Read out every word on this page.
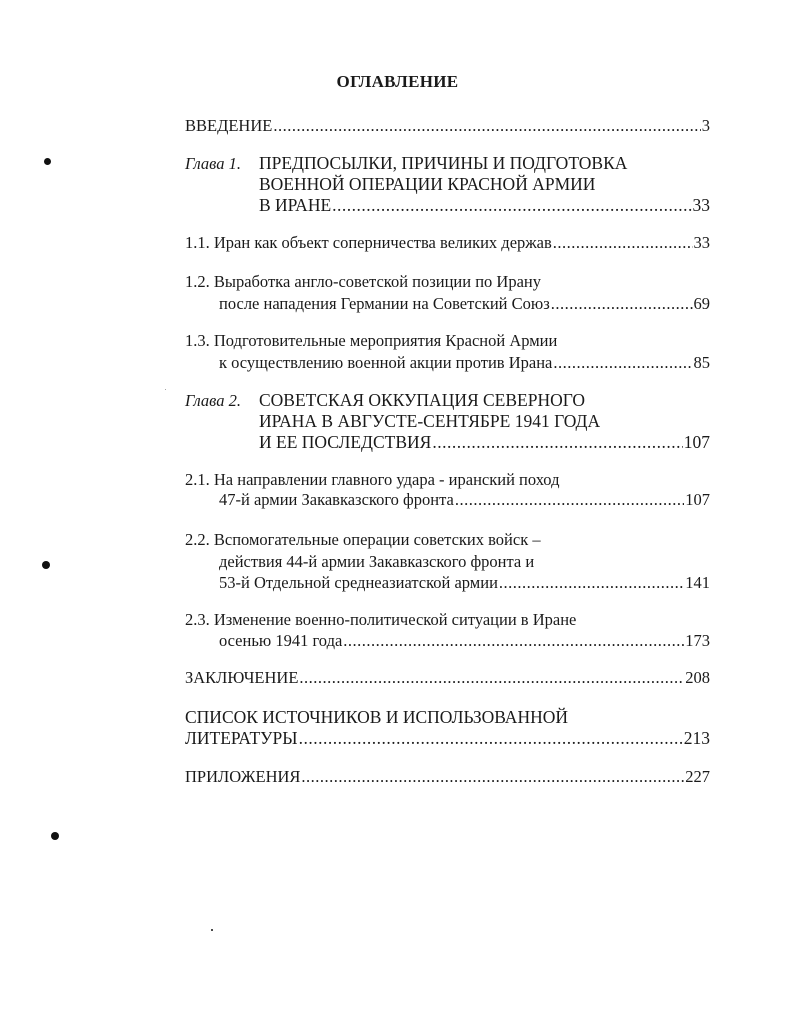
ОГЛАВЛЕНИЕ
ВВЕДЕНИЕ .....	3
Глава 1. ПРЕДПОСЫЛКИ, ПРИЧИНЫ И ПОДГОТОВКА
ВОЕННОЙ ОПЕРАЦИИ КРАСНОЙ АРМИИ
В ИРАНЕ .....	33
1.1. Иран как объект соперничества великих держав .....	33
1.2. Выработка англо-советской позиции по Ирану
после нападения Германии на Советский Союз .....	69
1.3. Подготовительные мероприятия Красной Армии
к осуществлению военной акции против Ирана .....	85
Глава 2. СОВЕТСКАЯ ОККУПАЦИЯ СЕВЕРНОГО
ИРАНА В АВГУСТЕ-СЕНТЯБРЕ 1941 ГОДА
И ЕЕ ПОСЛЕДСТВИЯ .....	107
2.1. На направлении главного удара - иранский поход
47-й армии Закавказского фронта .....	107
2.2. Вспомогательные операции советских войск –
действия 44-й армии Закавказского фронта и
53-й Отдельной среднеазиатской армии .....	141
2.3. Изменение военно-политической ситуации в Иране
осенью 1941 года .....	173
ЗАКЛЮЧЕНИЕ .....	208
СПИСОК ИСТОЧНИКОВ И ИСПОЛЬЗОВАННОЙ
ЛИТЕРАТУРЫ .....	213
ПРИЛОЖЕНИЯ .....	227
